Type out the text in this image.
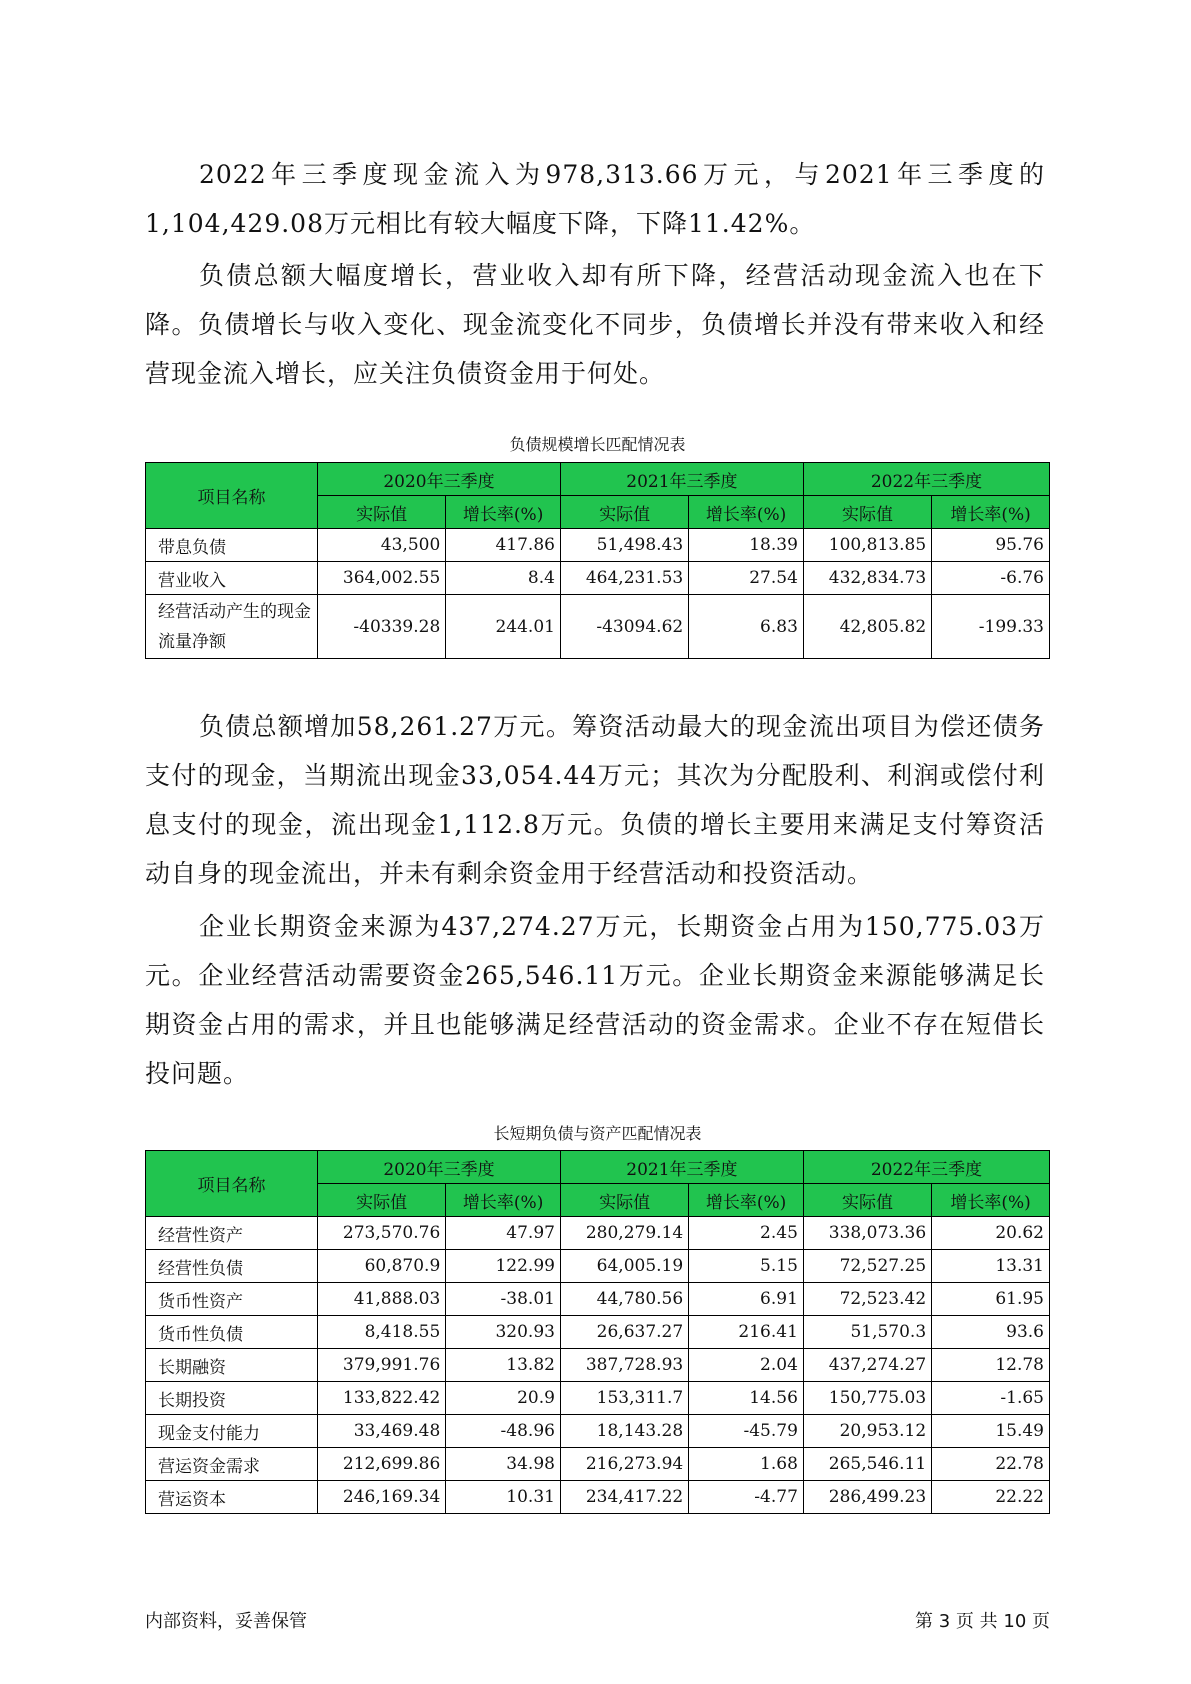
2022年三季度现金流入为978,313.66万元，与2021年三季度的1,104,429.08万元相比有较大幅度下降，下降11.42%。

负债总额大幅度增长，营业收入却有所下降，经营活动现金流入也在下降。负债增长与收入变化、现金流变化不同步，负债增长并没有带来收入和经营现金流入增长，应关注负债资金用于何处。

负债规模增长匹配情况表

项目名称	2020年三季度		2021年三季度		2022年三季度	
	实际值	增长率(%)	实际值	增长率(%)	实际值	增长率(%)
带息负债	43,500	417.86	51,498.43	18.39	100,813.85	95.76
营业收入	364,002.55	8.4	464,231.53	27.54	432,834.73	-6.76
经营活动产生的现金流量净额	-40339.28	244.01	-43094.62	6.83	42,805.82	-199.33

负债总额增加58,261.27万元。筹资活动最大的现金流出项目为偿还债务支付的现金，当期流出现金33,054.44万元；其次为分配股利、利润或偿付利息支付的现金，流出现金1,112.8万元。负债的增长主要用来满足支付筹资活动自身的现金流出，并未有剩余资金用于经营活动和投资活动。

企业长期资金来源为437,274.27万元，长期资金占用为150,775.03万元。企业经营活动需要资金265,546.11万元。企业长期资金来源能够满足长期资金占用的需求，并且也能够满足经营活动的资金需求。企业不存在短借长投问题。

长短期负债与资产匹配情况表

项目名称	2020年三季度		2021年三季度		2022年三季度	
	实际值	增长率(%)	实际值	增长率(%)	实际值	增长率(%)
经营性资产	273,570.76	47.97	280,279.14	2.45	338,073.36	20.62
经营性负债	60,870.9	122.99	64,005.19	5.15	72,527.25	13.31
货币性资产	41,888.03	-38.01	44,780.56	6.91	72,523.42	61.95
货币性负债	8,418.55	320.93	26,637.27	216.41	51,570.3	93.6
长期融资	379,991.76	13.82	387,728.93	2.04	437,274.27	12.78
长期投资	133,822.42	20.9	153,311.7	14.56	150,775.03	-1.65
现金支付能力	33,469.48	-48.96	18,143.28	-45.79	20,953.12	15.49
营运资金需求	212,699.86	34.98	216,273.94	1.68	265,546.11	22.78
营运资本	246,169.34	10.31	234,417.22	-4.77	286,499.23	22.22
内部资料，妥善保管	第 3 页 共 10 页
